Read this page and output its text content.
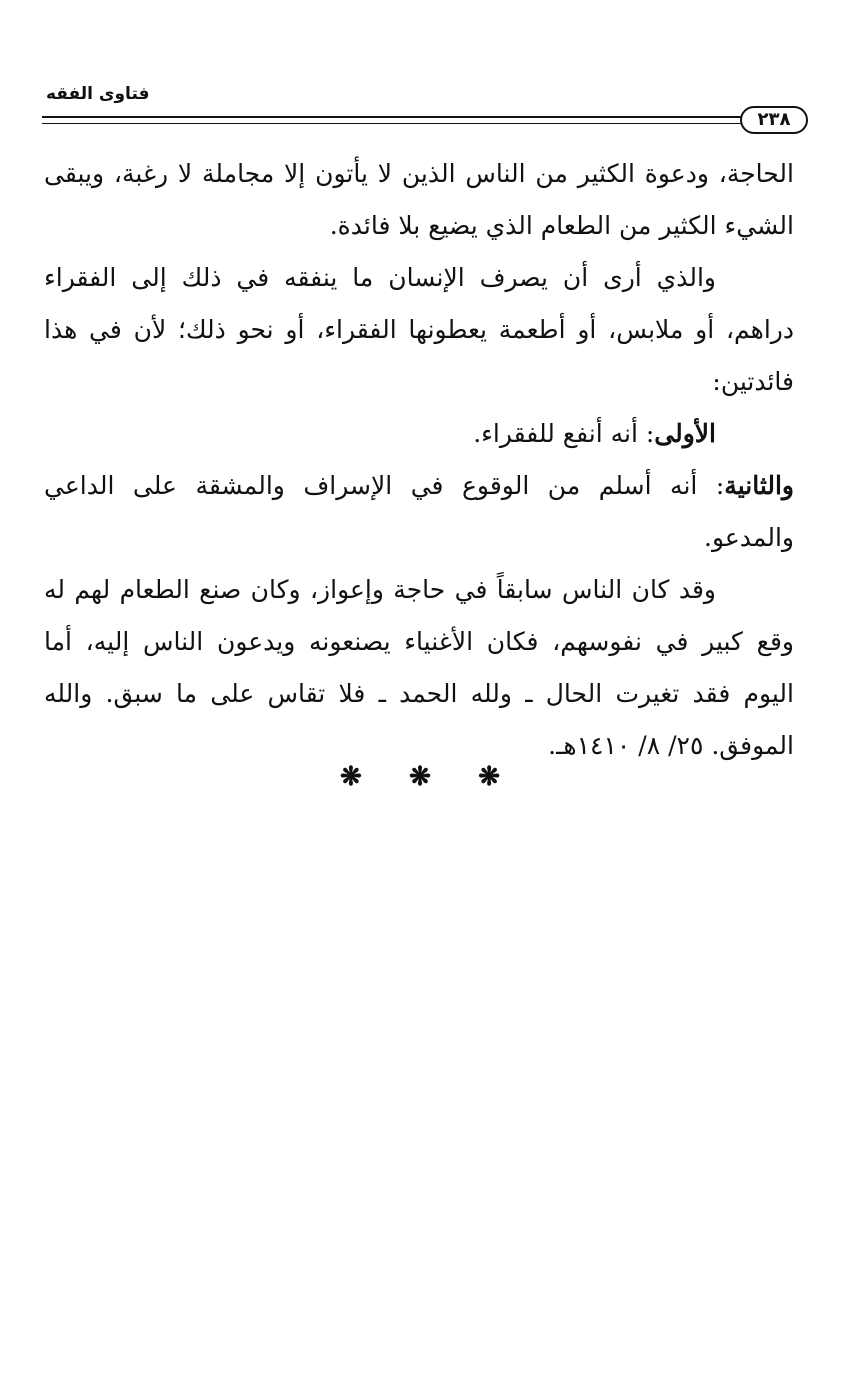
فتاوى الفقه
٢٣٨

الحاجة، ودعوة الكثير من الناس الذين لا يأتون إلا مجاملة لا رغبة، ويبقى الشيء الكثير من الطعام الذي يضيع بلا فائدة.

والذي أرى أن يصرف الإنسان ما ينفقه في ذلك إلى الفقراء دراهم، أو ملابس، أو أطعمة يعطونها الفقراء، أو نحو ذلك؛ لأن في هذا فائدتين:

الأولى: أنه أنفع للفقراء.

والثانية: أنه أسلم من الوقوع في الإسراف والمشقة على الداعي والمدعو.

وقد كان الناس سابقاً في حاجة وإعواز، وكان صنع الطعام لهم له وقع كبير في نفوسهم، فكان الأغنياء يصنعونه ويدعون الناس إليه، أما اليوم فقد تغيرت الحال ـ ولله الحمد ـ فلا تقاس على ما سبق. والله الموفق. ٢٥/ ٨/ ١٤١٠هـ.

❋ ❋ ❋
